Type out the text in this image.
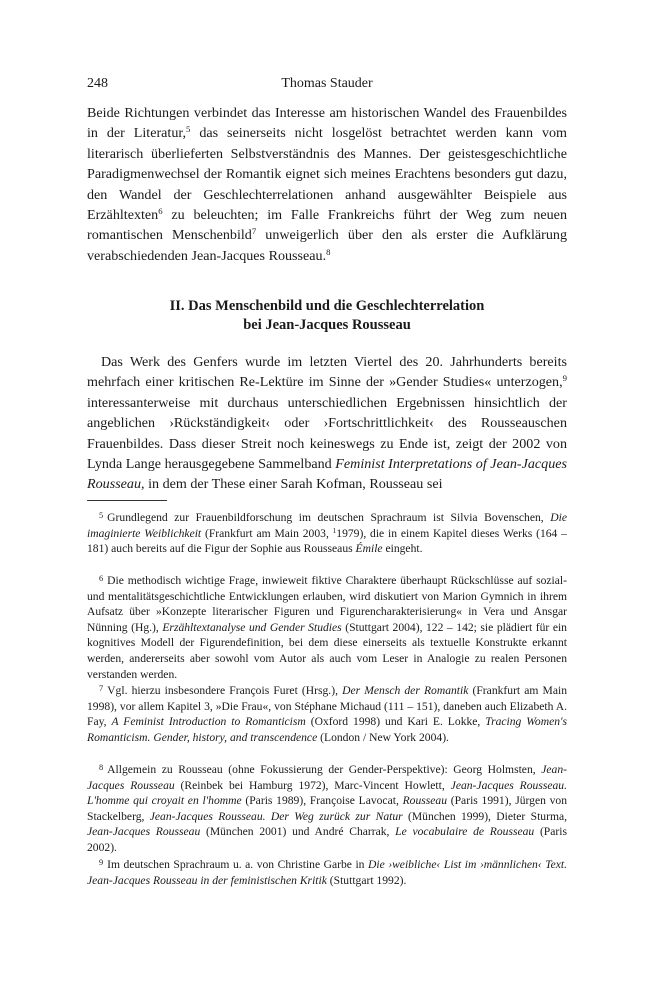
248	Thomas Stauder

Beide Richtungen verbindet das Interesse am historischen Wandel des Frauenbildes in der Literatur,$^5$ das seinerseits nicht losgelöst betrachtet werden kann vom literarisch überlieferten Selbstverständnis des Mannes. Der geistesgeschichtliche Paradigmenwechsel der Romantik eignet sich meines Erachtens besonders gut dazu, den Wandel der Geschlechterrelationen anhand ausgewählter Beispiele aus Erzähltexten$^6$ zu beleuchten; im Falle Frankreichs führt der Weg zum neuen romantischen Menschenbild$^7$ unweigerlich über den als erster die Aufklärung verabschiedenden Jean-Jacques Rousseau.$^8$

II. Das Menschenbild und die Geschlechterrelation
bei Jean-Jacques Rousseau

Das Werk des Genfers wurde im letzten Viertel des 20. Jahrhunderts bereits mehrfach einer kritischen Re-Lektüre im Sinne der »Gender Studies« unterzogen,$^9$ interessanterweise mit durchaus unterschiedlichen Ergebnissen hinsichtlich der angeblichen ›Rückständigkeit‹ oder ›Fortschrittlichkeit‹ des Rousseauschen Frauenbildes. Dass dieser Streit noch keineswegs zu Ende ist, zeigt der 2002 von Lynda Lange herausgegebene Sammelband Feminist Interpretations of Jean-Jacques Rousseau, in dem der These einer Sarah Kofman, Rousseau sei

$^5$ Grundlegend zur Frauenbildforschung im deutschen Sprachraum ist Silvia Bovenschen, Die imaginierte Weiblichkeit (Frankfurt am Main 2003, $^1$1979), die in einem Kapitel dieses Werks (164 – 181) auch bereits auf die Figur der Sophie aus Rousseaus Émile eingeht.

$^6$ Die methodisch wichtige Frage, inwieweit fiktive Charaktere überhaupt Rückschlüsse auf sozial- und mentalitätsgeschichtliche Entwicklungen erlauben, wird diskutiert von Marion Gymnich in ihrem Aufsatz über »Konzepte literarischer Figuren und Figurencharakterisierung« in Vera und Ansgar Nünning (Hg.), Erzähltextanalyse und Gender Studies (Stuttgart 2004), 122 – 142; sie plädiert für ein kognitives Modell der Figurendefinition, bei dem diese einerseits als textuelle Konstrukte erkannt werden, andererseits aber sowohl vom Autor als auch vom Leser in Analogie zu realen Personen verstanden werden.

$^7$ Vgl. hierzu insbesondere François Furet (Hrsg.), Der Mensch der Romantik (Frankfurt am Main 1998), vor allem Kapitel 3, »Die Frau«, von Stéphane Michaud (111 – 151), daneben auch Elizabeth A. Fay, A Feminist Introduction to Romanticism (Oxford 1998) und Kari E. Lokke, Tracing Women's Romanticism. Gender, history, and transcendence (London / New York 2004).

$^8$ Allgemein zu Rousseau (ohne Fokussierung der Gender-Perspektive): Georg Holmsten, Jean-Jacques Rousseau (Reinbek bei Hamburg 1972), Marc-Vincent Howlett, Jean-Jacques Rousseau. L'homme qui croyait en l'homme (Paris 1989), Françoise Lavocat, Rousseau (Paris 1991), Jürgen von Stackelberg, Jean-Jacques Rousseau. Der Weg zurück zur Natur (München 1999), Dieter Sturma, Jean-Jacques Rousseau (München 2001) und André Charrak, Le vocabulaire de Rousseau (Paris 2002).

$^9$ Im deutschen Sprachraum u. a. von Christine Garbe in Die ›weibliche‹ List im ›männlichen‹ Text. Jean-Jacques Rousseau in der feministischen Kritik (Stuttgart 1992).
